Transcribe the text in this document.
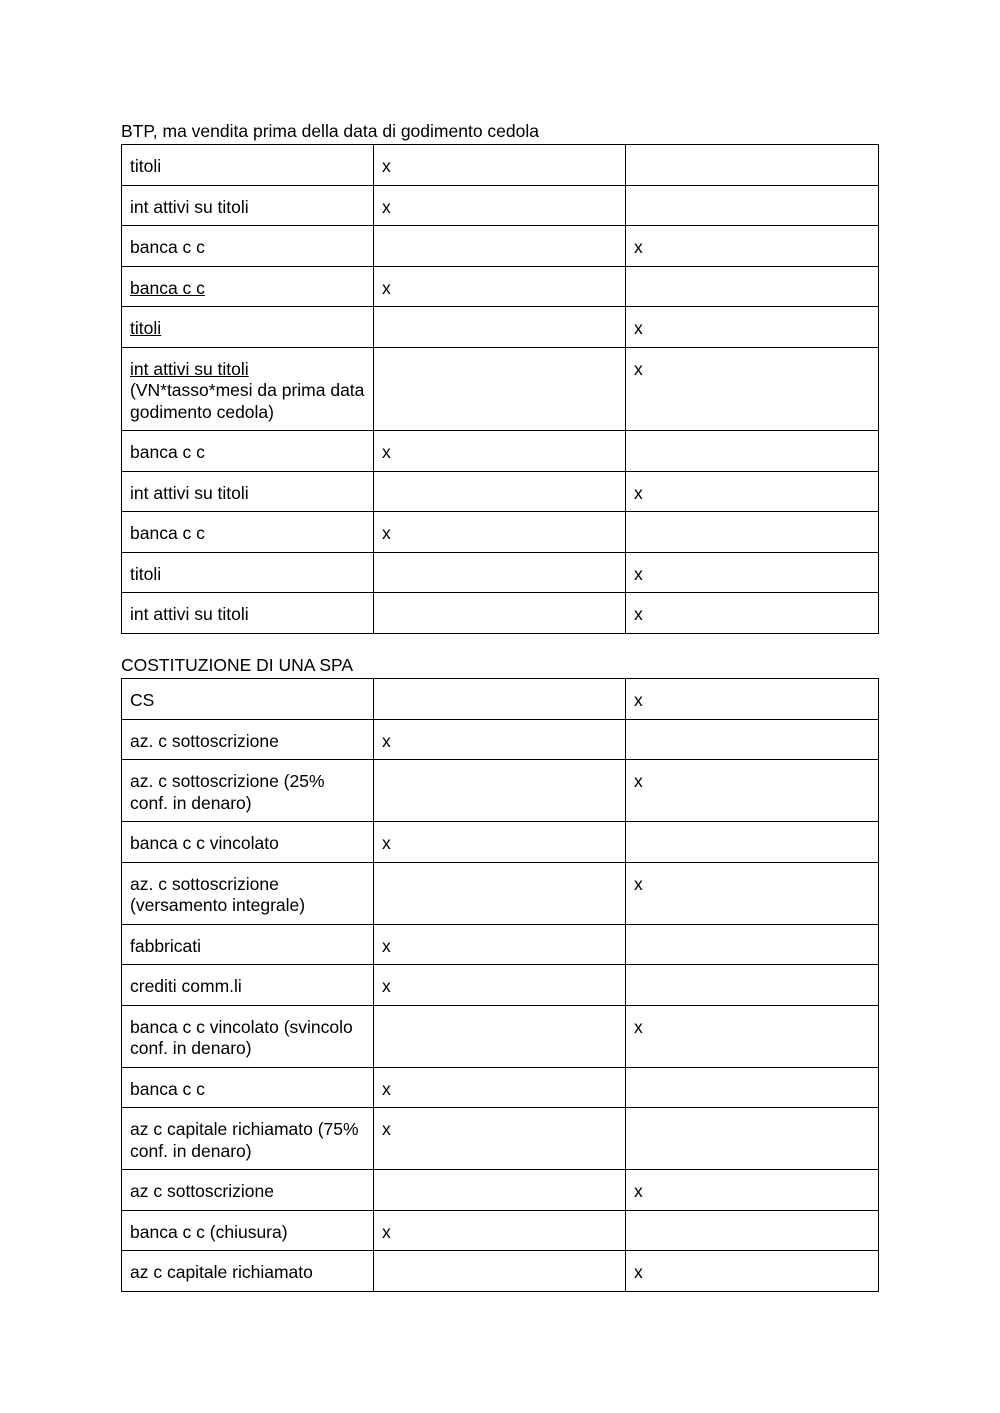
BTP, ma vendita prima della data di godimento cedola
titoli	x	
int attivi su titoli	x	
banca c c		x
banca c c	x	
titoli		x
int attivi su titoli
(VN*tasso*mesi da prima data godimento cedola)		x
banca c c	x	
int attivi su titoli		x
banca c c	x	
titoli		x
int attivi su titoli		x
COSTITUZIONE DI UNA SPA
CS		x
az. c sottoscrizione	x	
az. c sottoscrizione (25% conf. in denaro)		x
banca c c vincolato	x	
az. c sottoscrizione (versamento integrale)		x
fabbricati	x	
crediti comm.li	x	
banca c c vincolato (svincolo conf. in denaro)		x
banca c c	x	
az c capitale richiamato (75% conf. in denaro)	x	
az c sottoscrizione		x
banca c c (chiusura)	x	
az c capitale richiamato		x
